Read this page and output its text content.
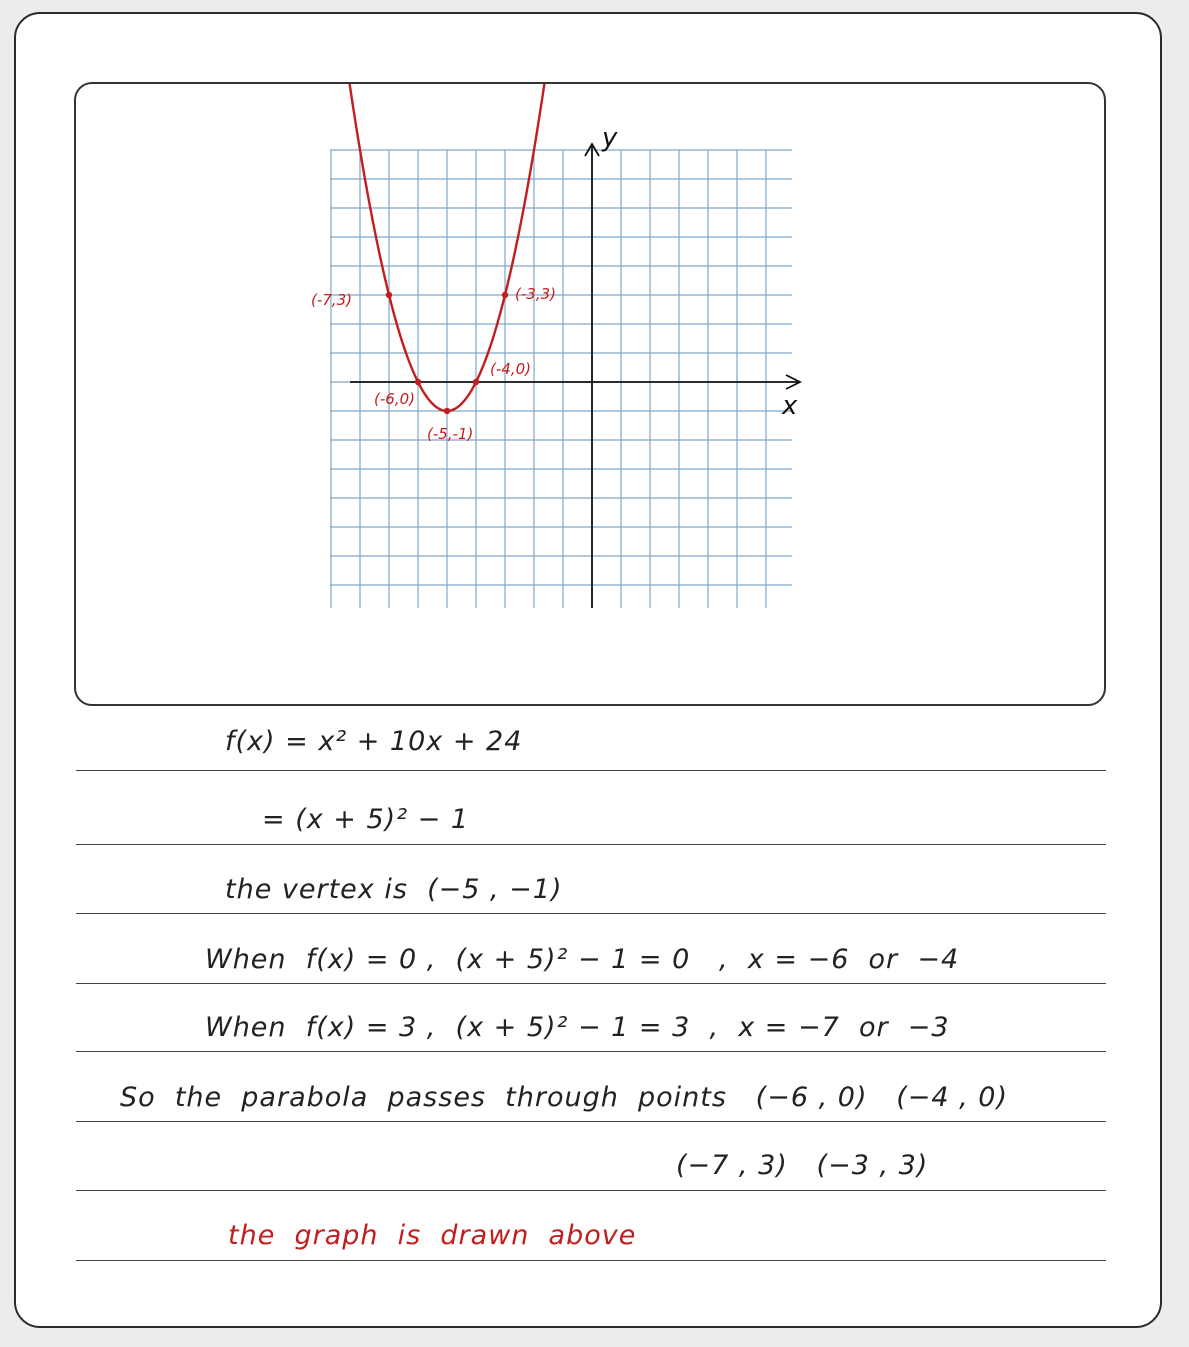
x
y
(-7,3)	(-3,3)
(-4,0)
(-6,0)
(-5,-1)
f(x) = x² + 10x + 24
= (x + 5)² − 1
the vertex is  (−5 , −1)
When  f(x) = 0 ,  (x + 5)² − 1 = 0   ,  x = −6  or  −4
When  f(x) = 3 ,  (x + 5)² − 1 = 3  ,  x = −7  or  −3
So  the  parabola  passes  through  points   (−6 , 0)   (−4 , 0)
(−7 , 3)   (−3 , 3)
the  graph  is  drawn  above
